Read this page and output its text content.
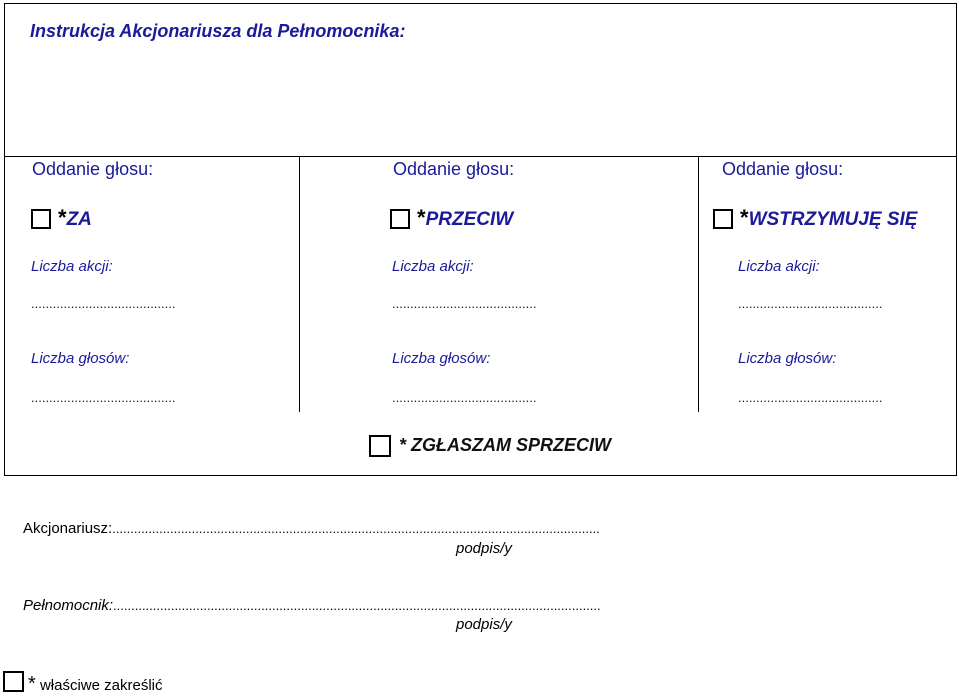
Instrukcja Akcjonariusza dla Pełnomocnika:
Oddanie głosu:
*ZA
Liczba akcji:
........................................
Liczba głosów:
........................................
Oddanie głosu:
*PRZECIW
Liczba akcji:
........................................
Liczba głosów:
........................................
Oddanie głosu:
*WSTRZYMUJĘ SIĘ
Liczba akcji:
........................................
Liczba głosów:
........................................
* ZGŁASZAM SPRZECIW
Akcjonariusz:.......................................................................................................................................
podpis/y
Pełnomocnik:.......................................................................................................................................
podpis/y
* właściwe zakreślić
